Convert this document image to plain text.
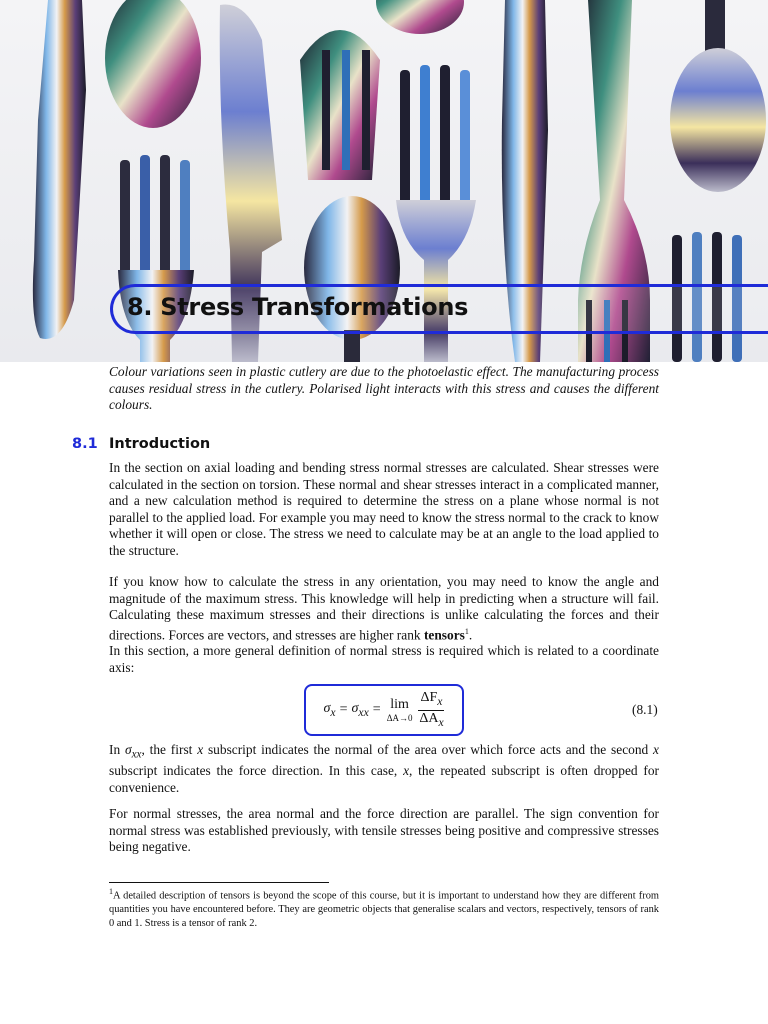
8. Stress Transformations

Colour variations seen in plastic cutlery are due to the photoelastic effect. The manufacturing process causes residual stress in the cutlery. Polarised light interacts with this stress and causes the different colours.

8.1 Introduction

In the section on axial loading and bending stress normal stresses are calculated. Shear stresses were calculated in the section on torsion. These normal and shear stresses interact in a complicated manner, and a new calculation method is required to determine the stress on a plane whose normal is not parallel to the applied load. For example you may need to know the stress normal to the crack to know whether it will open or close. The stress we need to calculate may be at an angle to the load applied to the structure.

If you know how to calculate the stress in any orientation, you may need to know the angle and magnitude of the maximum stress. This knowledge will help in predicting when a structure will fail. Calculating these maximum stresses and their directions is unlike calculating the forces and their directions. Forces are vectors, and stresses are higher rank tensors$^1$.
In this section, a more general definition of normal stress is required which is related to a coordinate axis:

$\sigma_x = \sigma_{xx} = \lim$
$\Delta A\to 0 \frac{\Delta F_x}{\Delta A_x}$	(8.1)

In $\sigma_{xx}$, the first x subscript indicates the normal of the area over which force acts and the second x subscript indicates the force direction. In this case, x, the repeated subscript is often dropped for convenience.

For normal stresses, the area normal and the force direction are parallel. The sign convention for normal stress was established previously, with tensile stresses being positive and compressive stresses being negative.

$^1$A detailed description of tensors is beyond the scope of this course, but it is important to understand how they are different from quantities you have encountered before. They are geometric objects that generalise scalars and vectors, respectively, tensors of rank 0 and 1. Stress is a tensor of rank 2.
